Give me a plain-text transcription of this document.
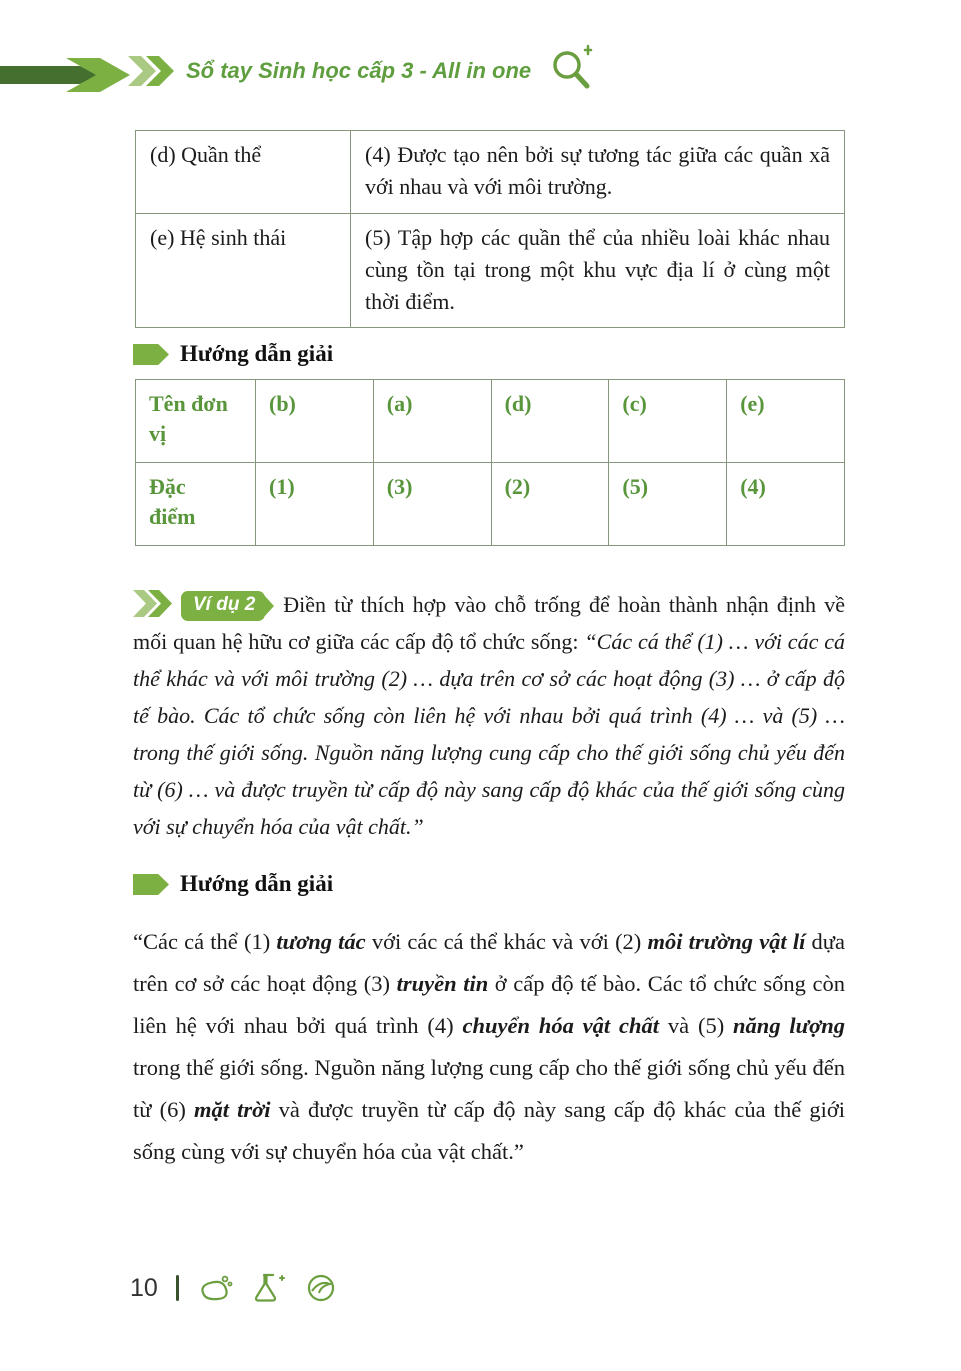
Sổ tay Sinh học cấp 3 - All in one
(d) Quần thể	(4) Được tạo nên bởi sự tương tác giữa các quần xã với nhau và với môi trường.
(e) Hệ sinh thái	(5) Tập hợp các quần thể của nhiều loài khác nhau cùng tồn tại trong một khu vực địa lí ở cùng một thời điểm.
Hướng dẫn giải
Tên đơn vị	(b)	(a)	(d)	(c)	(e)
Đặc điểm	(1)	(3)	(2)	(5)	(4)

Ví dụ 2 Điền từ thích hợp vào chỗ trống để hoàn thành nhận định về mối quan hệ hữu cơ giữa các cấp độ tổ chức sống: “Các cá thể (1) … với các cá thể khác và với môi trường (2) … dựa trên cơ sở các hoạt động (3) … ở cấp độ tế bào. Các tổ chức sống còn liên hệ với nhau bởi quá trình (4) … và (5) … trong thế giới sống. Nguồn năng lượng cung cấp cho thế giới sống chủ yếu đến từ (6) … và được truyền từ cấp độ này sang cấp độ khác của thế giới sống cùng với sự chuyển hóa của vật chất.”

Hướng dẫn giải

“Các cá thể (1) tương tác với các cá thể khác và với (2) môi trường vật lí dựa trên cơ sở các hoạt động (3) truyền tin ở cấp độ tế bào. Các tổ chức sống còn liên hệ với nhau bởi quá trình (4) chuyển hóa vật chất và (5) năng lượng trong thế giới sống. Nguồn năng lượng cung cấp cho thế giới sống chủ yếu đến từ (6) mặt trời và được truyền từ cấp độ này sang cấp độ khác của thế giới sống cùng với sự chuyển hóa của vật chất.”

10
